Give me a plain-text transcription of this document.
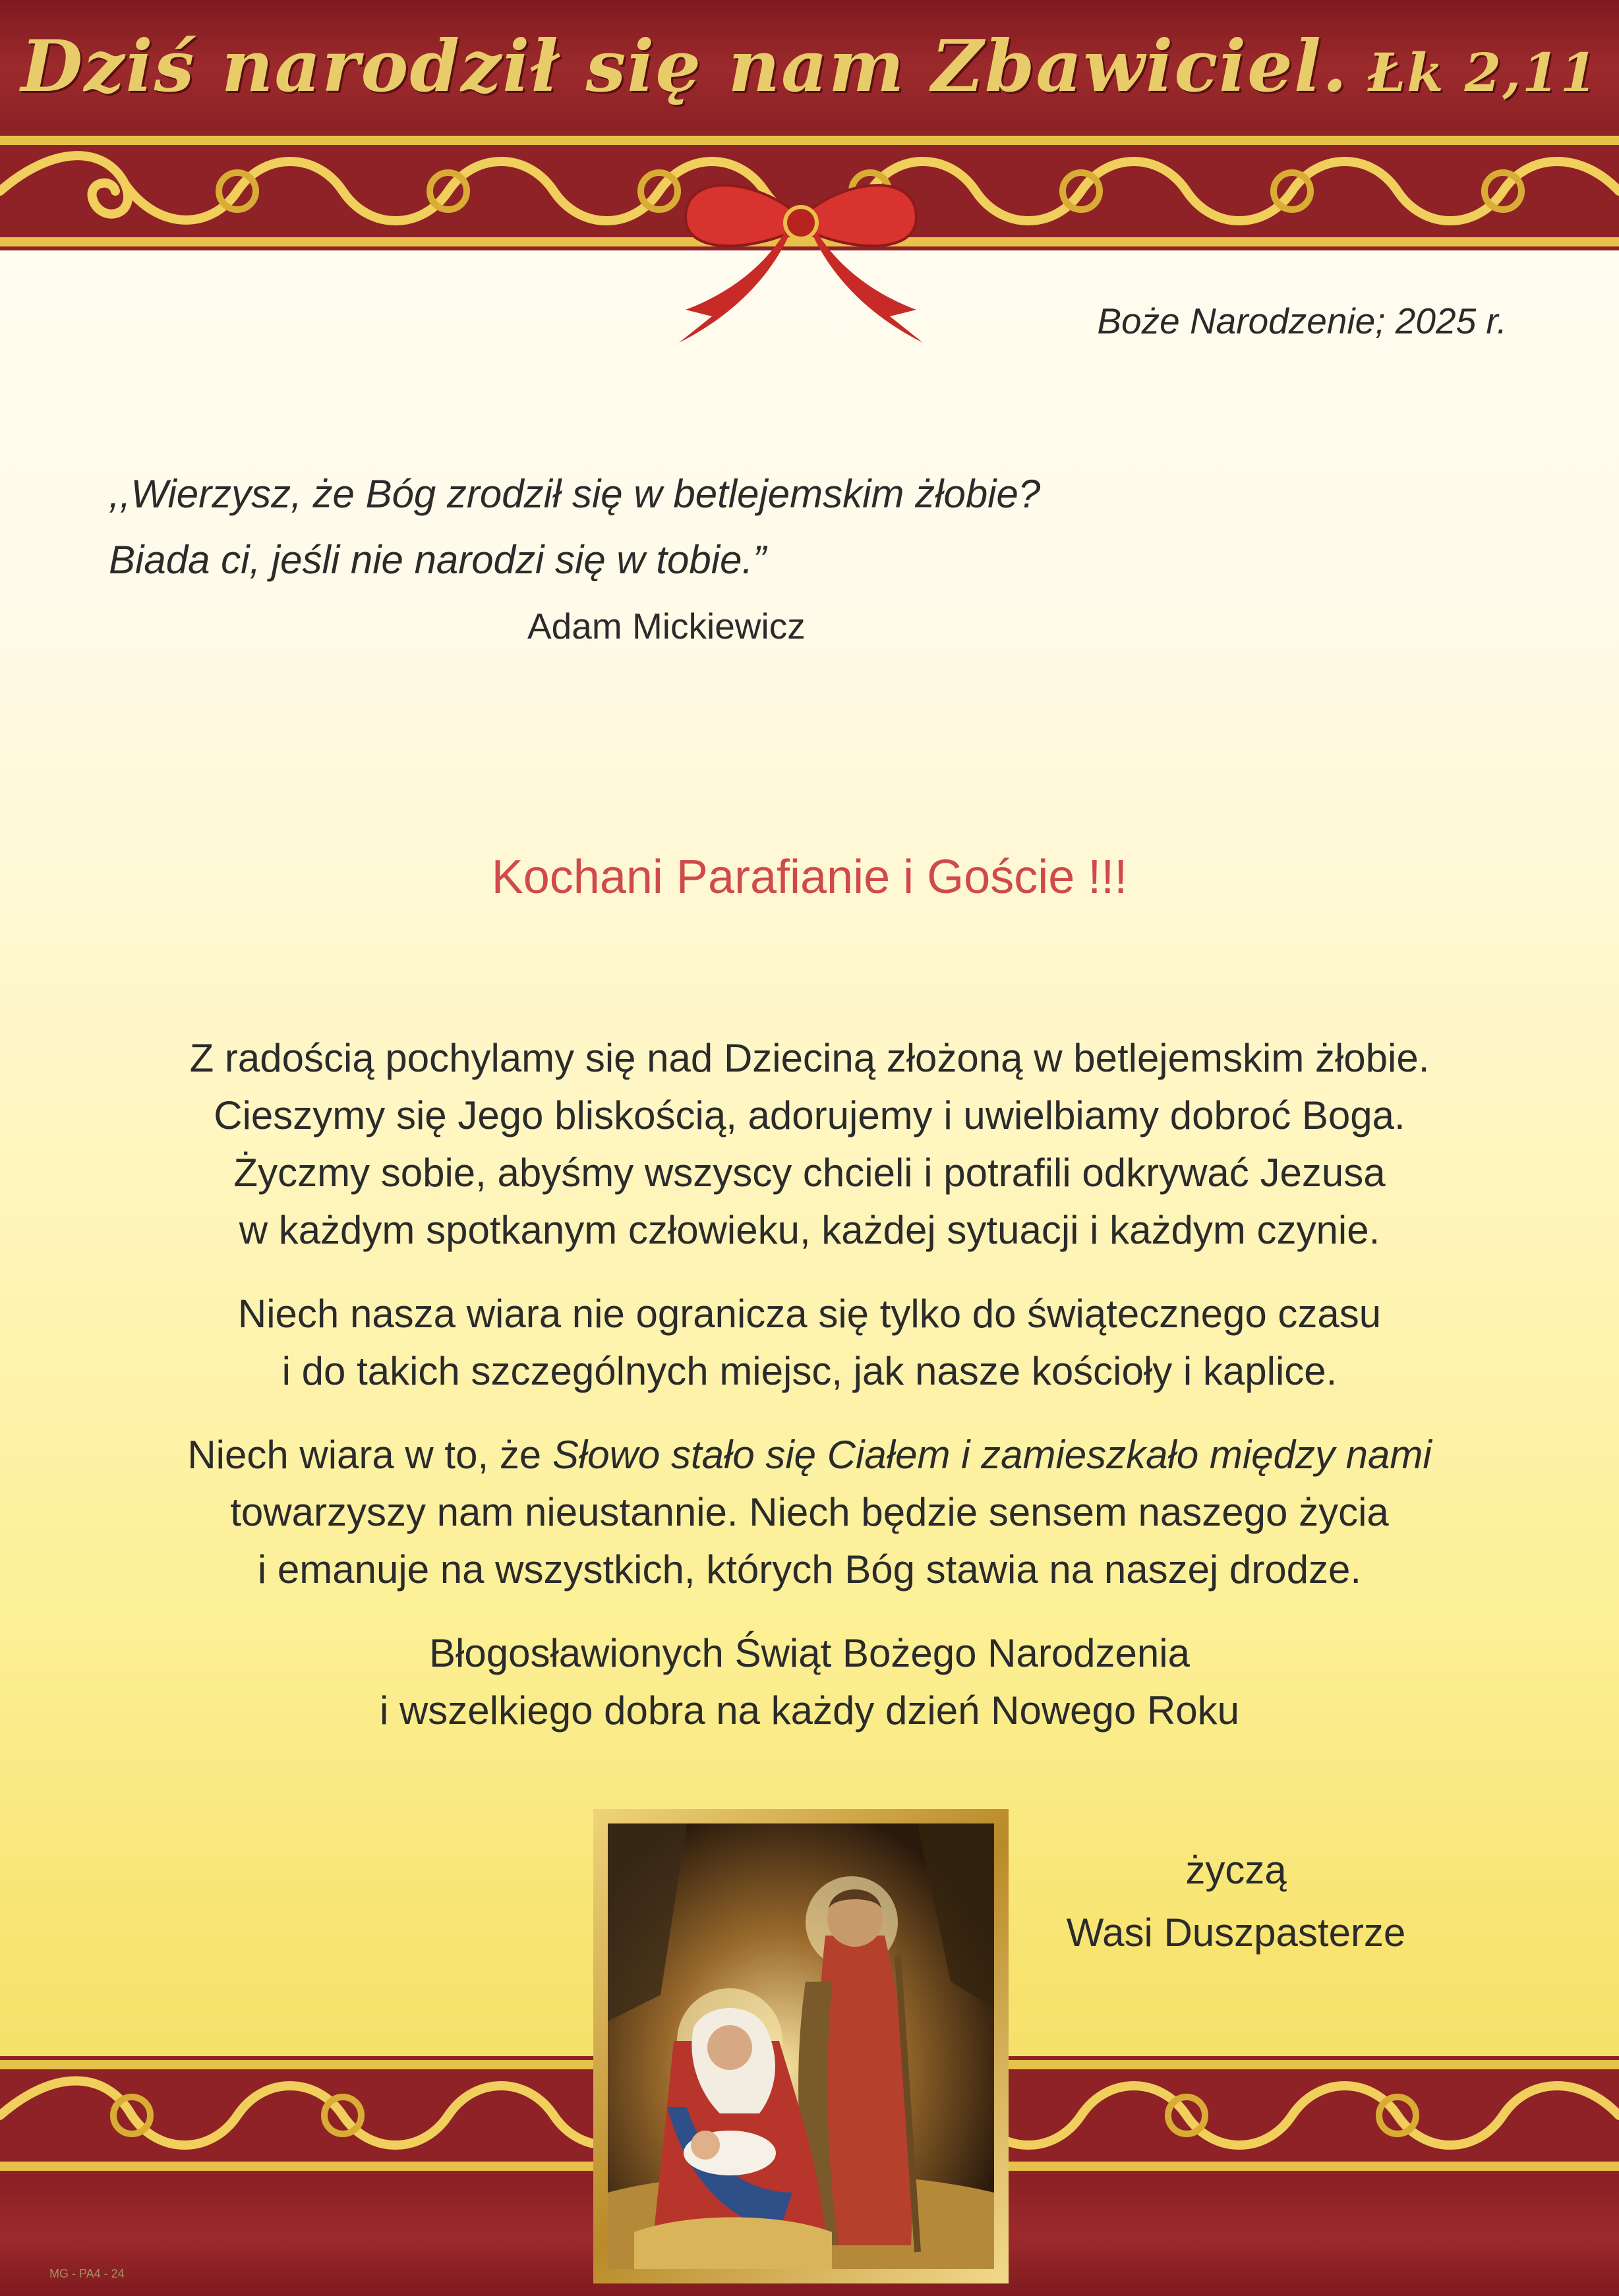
Dziś narodził się nam Zbawiciel. Łk 2,11
Boże Narodzenie; 2025 r.
,,Wierzysz, że Bóg zrodził się w betlejemskim żłobie?
Biada ci, jeśli nie narodzi się w tobie.”
Adam Mickiewicz
Kochani Parafianie i Goście !!!
Z radością pochylamy się nad Dzieciną złożoną w betlejemskim żłobie.
Cieszymy się Jego bliskością, adorujemy i uwielbiamy dobroć Boga.
Życzmy sobie, abyśmy wszyscy chcieli i potrafili odkrywać Jezusa
w każdym spotkanym człowieku, każdej sytuacji i każdym czynie.
Niech nasza wiara nie ogranicza się tylko do świątecznego czasu
i do takich szczególnych miejsc, jak nasze kościoły i kaplice.
Niech wiara w to, że Słowo stało się Ciałem i zamieszkało między nami
towarzyszy nam nieustannie. Niech będzie sensem naszego życia
i emanuje na wszystkich, których Bóg stawia na naszej drodze.
Błogosławionych Świąt Bożego Narodzenia
i wszelkiego dobra na każdy dzień Nowego Roku
życzą
Wasi Duszpasterze
MG - PA4 - 24
